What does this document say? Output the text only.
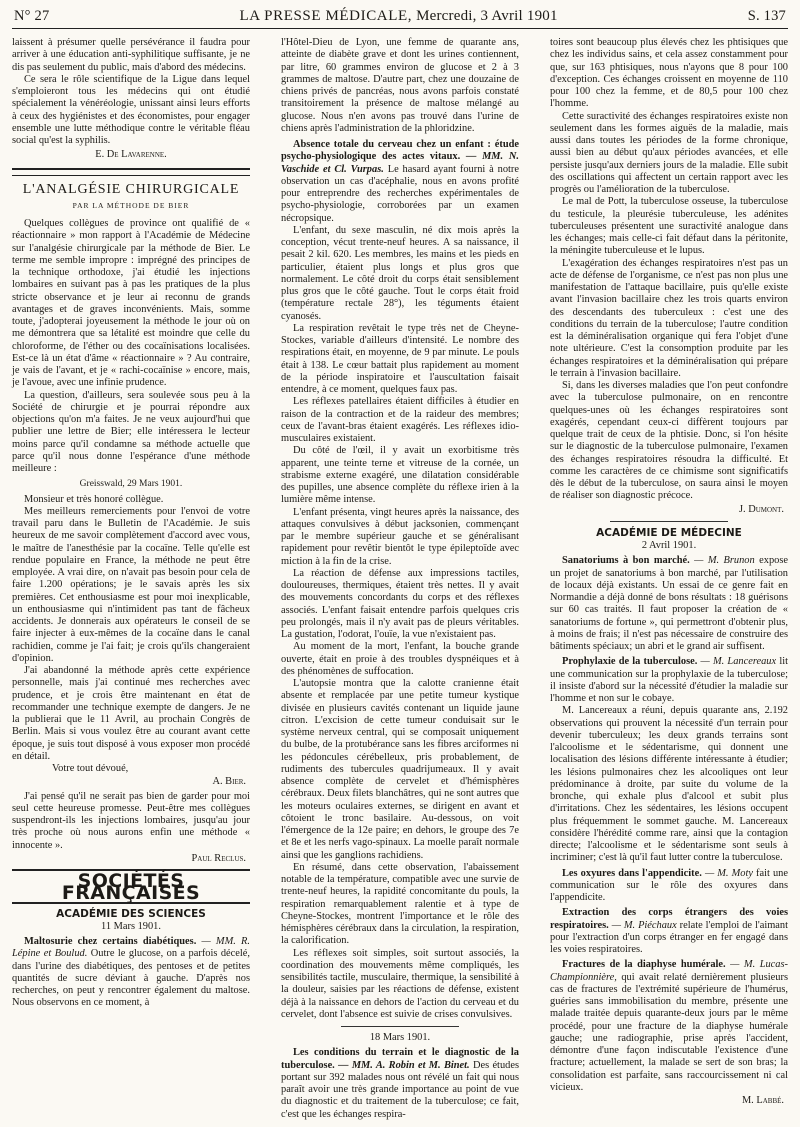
N° 27	LA PRESSE MÉDICALE, Mercredi, 3 Avril 1901	S. 137

laissent à présumer quelle persévérance il faudra pour arriver à une éducation anti-syphilitique suffisante, je ne dis pas seulement du public, mais d'abord des médecins.

Ce sera le rôle scientifique de la Ligue dans lequel s'emploieront tous les médecins qui ont étudié spécialement la vénéréologie, unissant ainsi leurs efforts à ceux des hygiénistes et des économistes, pour engager ensemble une lutte méthodique contre le véritable fléau social qu'est la syphilis.

E. De Lavarenne.
L'ANALGÉSIE CHIRURGICALE
PAR LA MÉTHODE DE BIER

Quelques collègues de province ont qualifié de « réactionnaire » mon rapport à l'Académie de Médecine sur l'analgésie chirurgicale par la méthode de Bier. Le terme me semble impropre : imprégné des principes de la technique orthodoxe, j'ai étudié les injections lombaires en suivant pas à pas les pratiques de la plus stricte observance et je leur ai reconnu de grands avantages et de graves inconvénients. Mais, somme toute, j'adopterai joyeusement la méthode le jour où on me démontrera que sa létalité est moindre que celle du chloroforme, de l'éther ou des cocaïnisations localisées. Est-ce là un état d'âme « réactionnaire » ? Au contraire, je vais de l'avant, et je « rachi-cocaïnise » encore, mais, je l'avoue, avec une infinie prudence.

La question, d'ailleurs, sera soulevée sous peu à la Société de chirurgie et je pourrai répondre aux objections qu'on m'a faites. Je ne veux aujourd'hui que publier une lettre de Bier; elle intéressera le lecteur moins parce qu'il condamne sa méthode actuelle que parce qu'il nous donne l'espérance d'une méthode meilleure :

Greisswald, 29 Mars 1901.

Monsieur et très honoré collègue.

Mes meilleurs remerciements pour l'envoi de votre travail paru dans le Bulletin de l'Académie. Je suis heureux de me savoir complètement d'accord avec vous, le maître de l'anesthésie par la cocaïne. Telle qu'elle est rendue populaire en France, la méthode ne peut être employée. A vrai dire, on n'avait pas besoin pour cela de faire 1.200 opérations; je le savais après les six premières. Cet enthousiasme est pour moi inexplicable, un enthousiasme qui n'intimident pas tant de fâcheux accidents. Je donnerais aux opérateurs le conseil de se faire injecter à eux-mêmes de la cocaïne dans le canal rachidien, comme je l'ai fait; je crois qu'ils changeraient d'opinion.

J'ai abandonné la méthode après cette expérience personnelle, mais j'ai continué mes recherches avec prudence, et je crois être maintenant en état de recommander une technique exempte de dangers. Je ne la publierai que le 11 Avril, au prochain Congrès de Berlin. Mais si vous voulez être au courant avant cette époque, je suis tout disposé à vous exposer mon procédé en détail.

Votre tout dévoué,

A. Bier.

J'ai pensé qu'il ne serait pas bien de garder pour moi seul cette heureuse promesse. Peut-être mes collègues suspendront-ils les injections lombaires, jusqu'au jour très proche où nous aurons enfin une méthode « innocente ».

Paul Reclus.
SOCIÉTÉS FRANÇAISES
ACADÉMIE DES SCIENCES
11 Mars 1901.

Maltosurie chez certains diabétiques. — MM. R. Lépine et Boulud. Outre le glucose, on a parfois décelé, dans l'urine des diabétiques, des pentoses et de petites quantités de sucre déviant à gauche. D'après nos recherches, on peut y rencontrer également du maltose. Nous observons en ce moment, à

l'Hôtel-Dieu de Lyon, une femme de quarante ans, atteinte de diabète grave et dont les urines contiennent, par litre, 60 grammes environ de glucose et 2 à 3 grammes de maltose. D'autre part, chez une douzaine de chiens privés de pancréas, nous avons parfois constaté transitoirement la présence de maltose mélangé au glucose. Nous n'en avons pas trouvé dans l'urine de chiens après l'administration de la phloridzine.

Absence totale du cerveau chez un enfant : étude psycho-physiologique des actes vitaux. — MM. N. Vaschide et Cl. Vurpas. Le hasard ayant fourni à notre observation un cas d'acéphalie, nous en avons profité pour entreprendre des recherches expérimentales de psycho-physiologie, corroborées par un examen nécropsique.

L'enfant, du sexe masculin, né dix mois après la conception, vécut trente-neuf heures. A sa naissance, il pesait 2 kil. 620. Les membres, les mains et les pieds en particulier, étaient plus longs et plus gros que normalement. Le côté droit du corps était sensiblement plus gros que le côté gauche. Tout le corps était froid (température rectale 28°), les téguments étaient cyanosés.

La respiration revêtait le type très net de Cheyne-Stockes, variable d'ailleurs d'intensité. Le nombre des respirations était, en moyenne, de 9 par minute. Le pouls était à 138. Le cœur battait plus rapidement au moment de la période inspiratoire et l'auscultation faisait entendre, à ce moment, quelques faux pas.

Les réflexes patellaires étaient difficiles à étudier en raison de la contraction et de la raideur des membres; ceux de l'avant-bras étaient exagérés. Les réflexes idio-musculaires existaient.

Du côté de l'œil, il y avait un exorbitisme très apparent, une teinte terne et vitreuse de la cornée, un strabisme externe exagéré, une dilatation considérable des pupilles, une absence complète du réflexe irien à la lumière même intense.

L'enfant présenta, vingt heures après la naissance, des attaques convulsives à début jacksonien, commençant par le membre supérieur gauche et se généralisant rapidement pour revêtir bientôt le type épileptoïde avec miction à la fin de la crise.

La réaction de défense aux impressions tactiles, douloureuses, thermiques, étaient très nettes. Il y avait des mouvements concordants du corps et des réflexes associés. L'enfant faisait entendre parfois quelques cris peu prolongés, mais il n'y avait pas de pleurs véritables. La gustation, l'odorat, l'ouïe, la vue n'existaient pas.

Au moment de la mort, l'enfant, la bouche grande ouverte, était en proie à des troubles dyspnéiques et à des phénomènes de suffocation.

L'autopsie montra que la calotte cranienne était absente et remplacée par une petite tumeur kystique divisée en plusieurs cavités contenant un liquide jaune citron. L'excision de cette tumeur conduisait sur le système nerveux central, qui se composait uniquement du bulbe, de la protubérance sans les fibres arciformes ni les pédoncules cérébelleux, pris probablement, de rudiments des tubercules quadrijumeaux. Il y avait absence complète de cervelet et d'hémisphères cérébraux. Deux filets blanchâtres, qui ne sont autres que les moteurs oculaires externes, se dirigent en avant et côtoient le tronc basilaire. Au-dessous, on voit l'émergence de la 12e paire; en dehors, le groupe des 7e et 8e et les nerfs vago-spinaux. La moelle paraît normale ainsi que les ganglions rachidiens.

En résumé, dans cette observation, l'abaissement notable de la température, compatible avec une survie de trente-neuf heures, la rapidité concomitante du pouls, la respiration remarquablement ralentie et à type de Cheyne-Stockes, montrent l'importance et le rôle des hémisphères cérébraux dans la circulation, la respiration, la calorification.

Les réflexes soit simples, soit surtout associés, la coordination des mouvements même compliqués, les sensibilités tactile, musculaire, thermique, la sensibilité à la douleur, saisies par les réactions de défense, existent déjà à la naissance en dehors de l'action du cerveau et du cervelet, dont l'absence est suivie de crises convulsives.

18 Mars 1901.

Les conditions du terrain et le diagnostic de la tuberculose. — MM. A. Robin et M. Binet. Des études portant sur 392 malades nous ont révélé un fait qui nous paraît avoir une très grande importance au point de vue du diagnostic et du traitement de la tuberculose; ce fait, c'est que les échanges respira-

toires sont beaucoup plus élevés chez les phtisiques que chez les individus sains, et cela assez constamment pour que, sur 163 phtisiques, nous n'ayons que 8 pour 100 d'exception. Ces échanges croissent en moyenne de 110 pour 100 chez la femme, et de 80,5 pour 100 chez l'homme.

Cette suractivité des échanges respiratoires existe non seulement dans les formes aiguës de la maladie, mais aussi dans toutes les périodes de la forme chronique, aussi bien au début qu'aux périodes avancées, et elle persiste jusqu'aux derniers jours de la maladie. Elle subit des oscillations qui affectent un certain rapport avec les progrès ou l'amélioration de la tuberculose.

Le mal de Pott, la tuberculose osseuse, la tuberculose du testicule, la pleurésie tuberculeuse, les adénites tuberculeuses présentent une suractivité analogue dans les échanges; mais celle-ci fait défaut dans la péritonite, la méningite tuberculeuse et le lupus.

L'exagération des échanges respiratoires n'est pas un acte de défense de l'organisme, ce n'est pas non plus une manifestation de l'attaque bacillaire, puis qu'elle existe avant l'invasion bacillaire chez les trois quarts environ des descendants des tuberculeux : c'est une des conditions du terrain de la tuberculose; l'autre condition est la déminéralisation organique qui fera l'objet d'une note ultérieure. C'est la consomption produite par les échanges respiratoires et la déminéralisation qui prépare le terrain à l'invasion bacillaire.

Si, dans les diverses maladies que l'on peut confondre avec la tuberculose pulmonaire, on en rencontre quelques-unes où les échanges respiratoires sont exagérés, cependant ceux-ci diffèrent toujours par quelque trait de ceux de la phtisie. Donc, si l'on hésite sur le diagnostic de la tuberculose pulmonaire, l'examen des échanges respiratoires résoudra la difficulté. Et comme les caractères de ce chimisme sont significatifs dès le début de la tuberculose, on saura ainsi le moyen de réaliser son diagnostic précoce.

J. Dumont.
ACADÉMIE DE MÉDECINE
2 Avril 1901.

Sanatoriums à bon marché. — M. Brunon expose un projet de sanatoriums à bon marché, par l'utilisation de locaux déjà existants. Un essai de ce genre fait en Normandie a déjà donné de bons résultats : 18 guérisons sur 60 cas traités. Il faut proposer la création de « sanatoriums de fortune », qui permettront d'obtenir plus, à moins de frais; il n'est pas nécessaire de construire des bâtiments spéciaux; un abri et le grand air suffisent.

Prophylaxie de la tuberculose. — M. Lancereaux lit une communication sur la prophylaxie de la tuberculose; il insiste d'abord sur la nécessité d'étudier la maladie sur l'homme et non sur le cobaye.

M. Lancereaux a réuni, depuis quarante ans, 2.192 observations qui prouvent la nécessité d'un terrain pour devenir tuberculeux; les deux grands terrains sont l'alcoolisme et le sédentarisme, qui donnent une localisation des lésions différente intéressante à étudier; les lésions pulmonaires chez les alcooliques ont leur prédominance à droite, par suite du volume de la bronche, qui exhale plus d'alcool et subit plus d'irritations. Chez les sédentaires, les lésions occupent plus fréquemment le sommet gauche. M. Lancereaux considère l'hérédité comme rare, ainsi que la contagion directe; l'alcoolisme et le sédentarisme sont seuls à incriminer; c'est là qu'il faut lutter contre la tuberculose.

Les oxyures dans l'appendicite. — M. Moty fait une communication sur le rôle des oxyures dans l'appendicite.

Extraction des corps étrangers des voies respiratoires. — M. Piéchaux relate l'emploi de l'aimant pour l'extraction d'un corps étranger en fer engagé dans les voies respiratoires.

Fractures de la diaphyse humérale. — M. Lucas-Championnière, qui avait relaté dernièrement plusieurs cas de fractures de l'extrémité supérieure de l'humérus, guéries sans immobilisation du membre, présente une malade traitée depuis quarante-deux jours par le même procédé, pour une fracture de la diaphyse humérale gauche; une radiographie, prise après l'accident, démontre d'une façon indiscutable l'existence d'une fracture; actuellement, la malade se sert de son bras; la consolidation est parfaite, sans raccourcissement ni cal vicieux.

M. Labbé.
